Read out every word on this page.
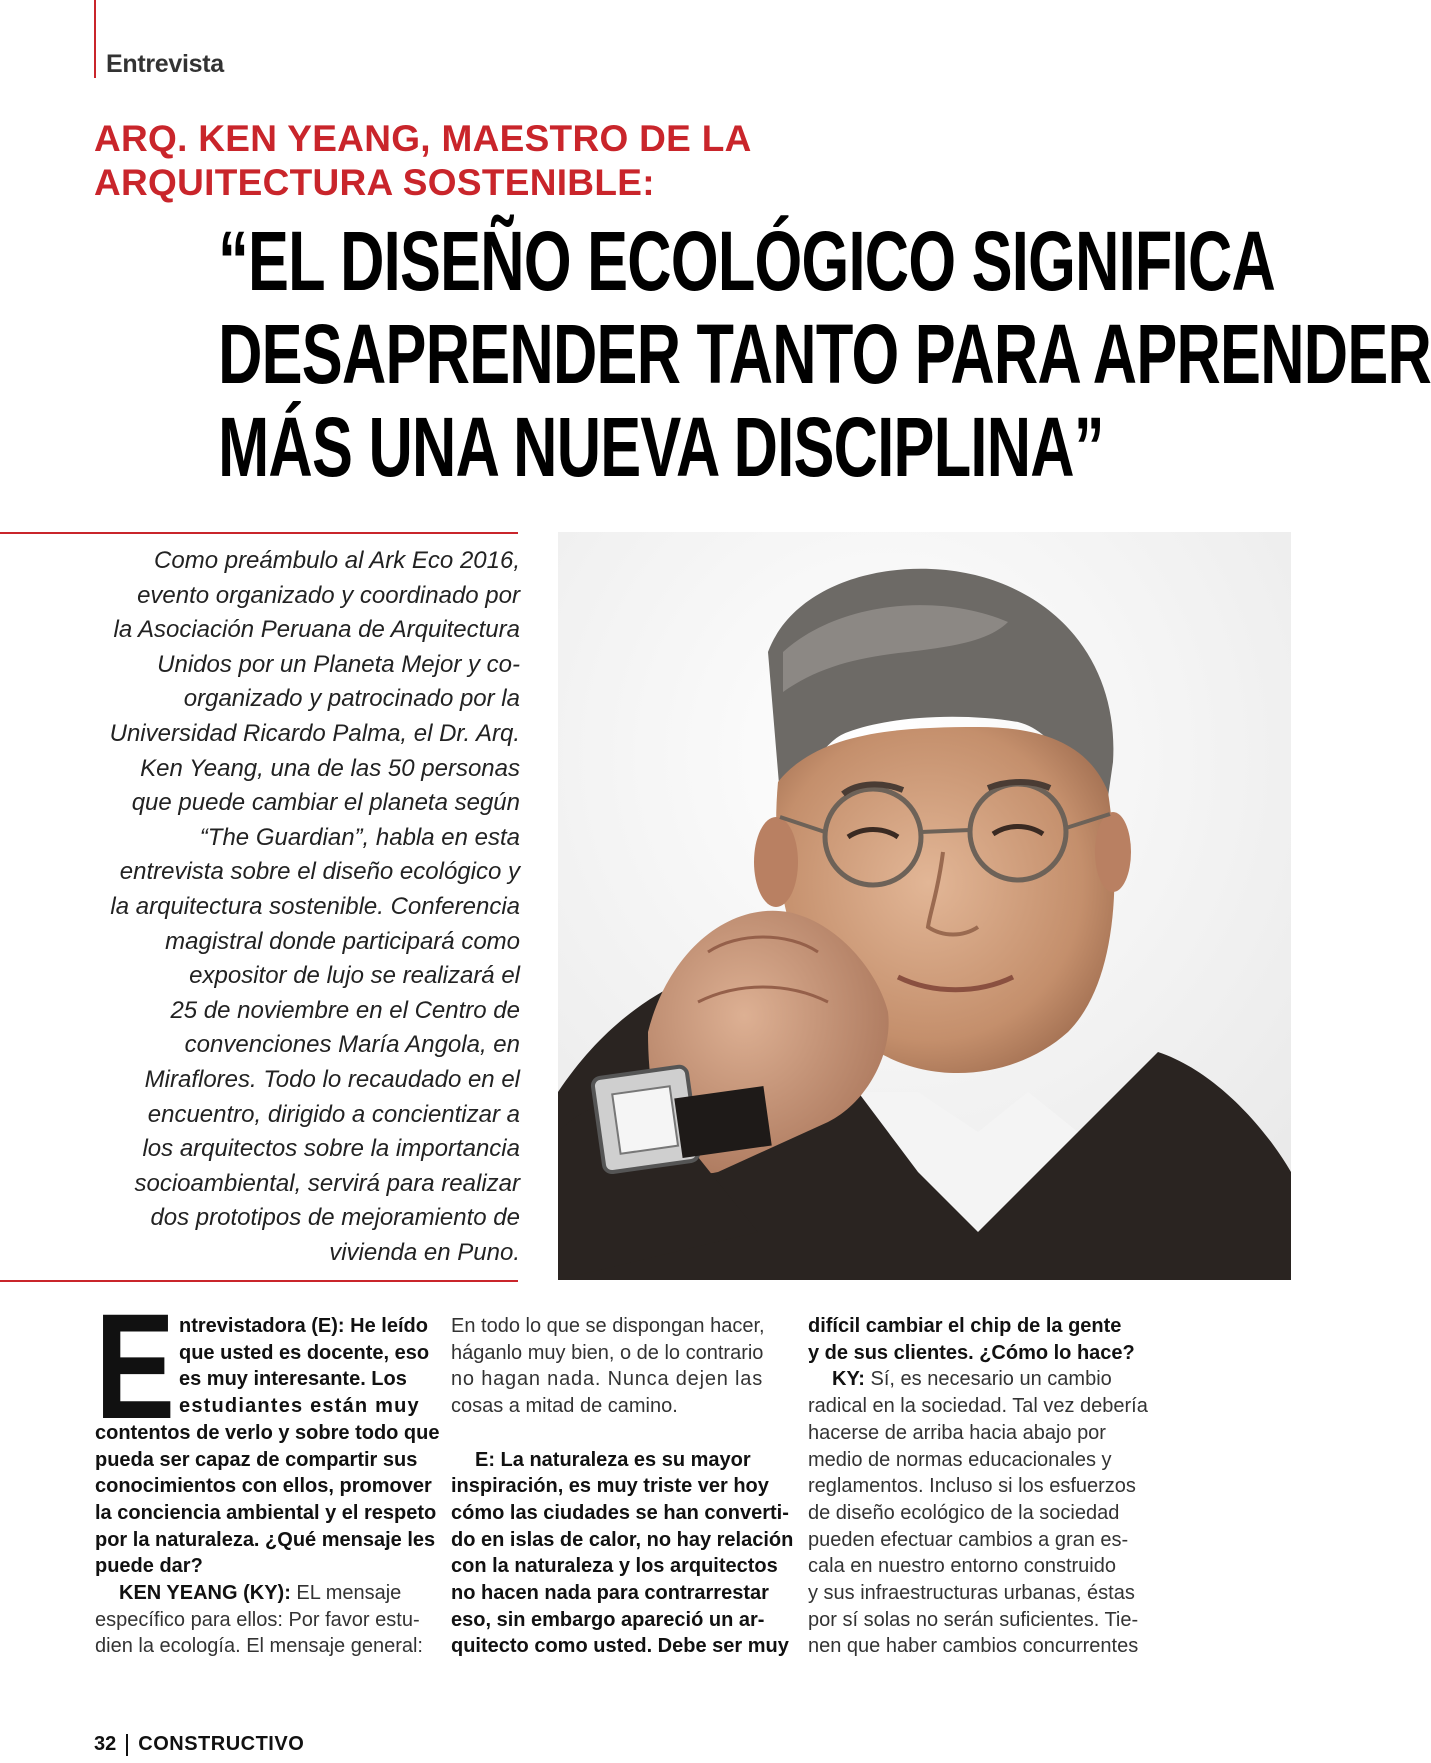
Entrevista
ARQ. KEN YEANG, MAESTRO DE LA
ARQUITECTURA SOSTENIBLE:
“EL DISEÑO ECOLÓGICO SIGNIFICA
DESAPRENDER TANTO PARA APRENDER
MÁS UNA NUEVA DISCIPLINA”
Como preámbulo al Ark Eco 2016,
evento organizado y coordinado por
la Asociación Peruana de Arquitectura
Unidos por un Planeta Mejor y co-
organizado y patrocinado por la
Universidad Ricardo Palma, el Dr. Arq.
Ken Yeang, una de las 50 personas
que puede cambiar el planeta según
“The Guardian”, habla en esta
entrevista sobre el diseño ecológico y
la arquitectura sostenible. Conferencia
magistral donde participará como
expositor de lujo se realizará el
25 de noviembre en el Centro de
convenciones María Angola, en
Miraflores. Todo lo recaudado en el
encuentro, dirigido a concientizar a
los arquitectos sobre la importancia
socioambiental, servirá para realizar
dos prototipos de mejoramiento de
vivienda en Puno.
E ntrevistadora (E): He leído
que usted es docente, eso
es muy interesante. Los
estudiantes están muy
contentos de verlo y sobre todo que
pueda ser capaz de compartir sus
conocimientos con ellos, promover
la conciencia ambiental y el respeto
por la naturaleza. ¿Qué mensaje les
puede dar?
KEN YEANG (KY): EL mensaje
específico para ellos: Por favor estu-
dien la ecología. El mensaje general:
En todo lo que se dispongan hacer,
háganlo muy bien, o de lo contrario
no hagan nada. Nunca dejen las
cosas a mitad de camino.
E: La naturaleza es su mayor
inspiración, es muy triste ver hoy
cómo las ciudades se han converti-
do en islas de calor, no hay relación
con la naturaleza y los arquitectos
no hacen nada para contrarrestar
eso, sin embargo apareció un ar-
quitecto como usted. Debe ser muy
difícil cambiar el chip de la gente
y de sus clientes. ¿Cómo lo hace?
KY: Sí, es necesario un cambio
radical en la sociedad. Tal vez debería
hacerse de arriba hacia abajo por
medio de normas educacionales y
reglamentos. Incluso si los esfuerzos
de diseño ecológico de la sociedad
pueden efectuar cambios a gran es-
cala en nuestro entorno construido
y sus infraestructuras urbanas, éstas
por sí solas no serán suficientes. Tie-
nen que haber cambios concurrentes
32 CONSTRUCTIVO
